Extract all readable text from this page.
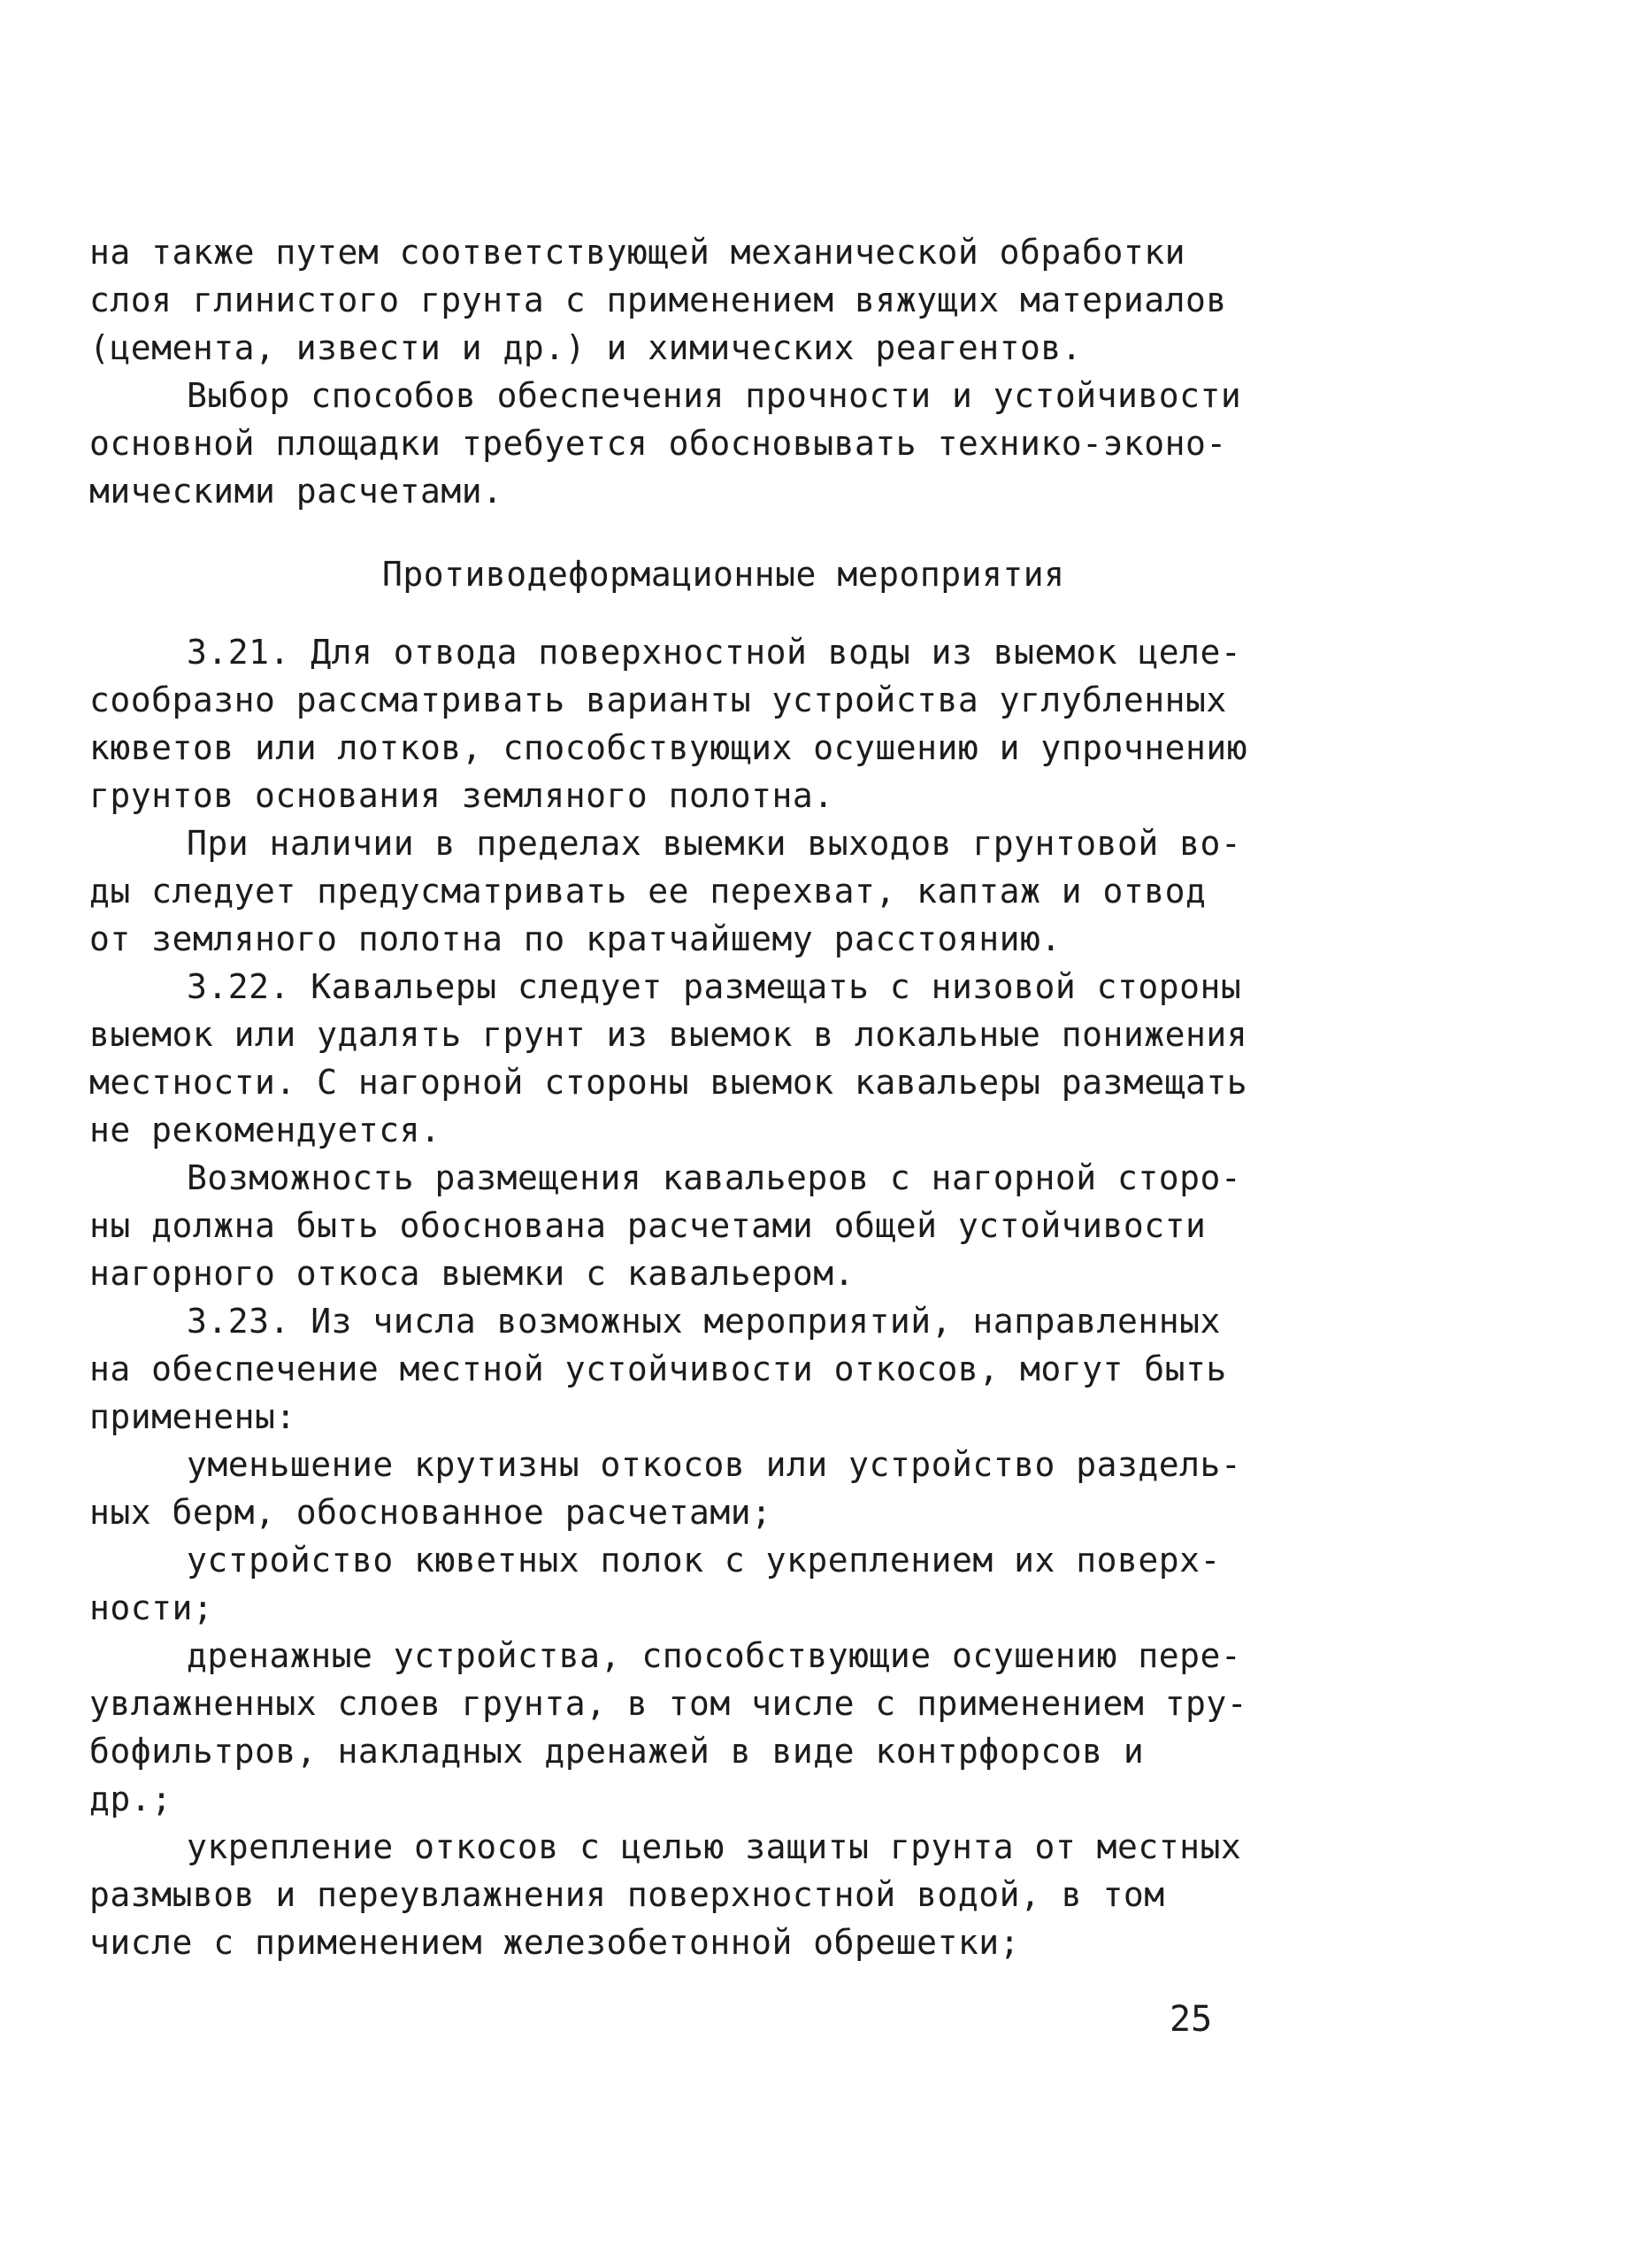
на также путем соответствующей механической обработки
слоя глинистого грунта с применением вяжущих материалов
(цемента, извести и др.) и химических реагентов.
Выбор способов обеспечения прочности и устойчивости
основной площадки требуется обосновывать технико-эконо-
мическими расчетами.
Противодеформационные мероприятия
3.21. Для отвода поверхностной воды из выемок целе-
сообразно рассматривать варианты устройства углубленных
кюветов или лотков, способствующих осушению и упрочнению
грунтов основания земляного полотна.
При наличии в пределах выемки выходов грунтовой во-
ды следует предусматривать ее перехват, каптаж и отвод
от земляного полотна по кратчайшему расстоянию.
3.22. Кавальеры следует размещать с низовой стороны
выемок или удалять грунт из выемок в локальные понижения
местности. С нагорной стороны выемок кавальеры размещать
не рекомендуется.
Возможность размещения кавальеров с нагорной сторо-
ны должна быть обоснована расчетами общей устойчивости
нагорного откоса выемки с кавальером.
3.23. Из числа возможных мероприятий, направленных
на обеспечение местной устойчивости откосов, могут быть
применены:
уменьшение крутизны откосов или устройство раздель-
ных берм, обоснованное расчетами;
устройство кюветных полок с укреплением их поверх-
ности;
дренажные устройства, способствующие осушению пере-
увлажненных слоев грунта, в том числе с применением тру-
бофильтров, накладных дренажей в виде контрфорсов и
др.;
укрепление откосов с целью защиты грунта от местных
размывов и переувлажнения поверхностной водой, в том
числе с применением железобетонной обрешетки;
25
